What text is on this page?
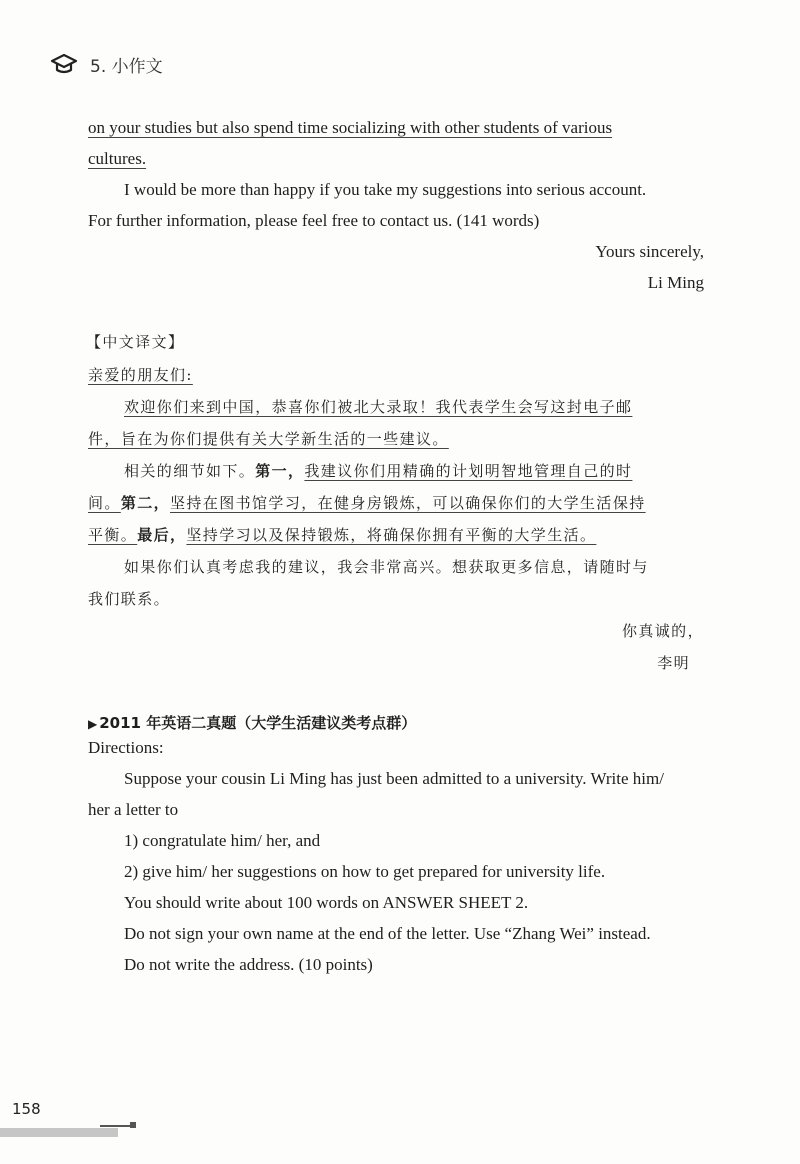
5. 小作文
on your studies but also spend time socializing with other students of various
cultures.
I would be more than happy if you take my suggestions into serious account.
For further information, please feel free to contact us. (141 words)
Yours sincerely,
Li Ming
【中文译文】
亲爱的朋友们:
欢迎你们来到中国，恭喜你们被北大录取！我代表学生会写这封电子邮
件，旨在为你们提供有关大学新生活的一些建议。
相关的细节如下。第一，我建议你们用精确的计划明智地管理自己的时
间。第二，坚持在图书馆学习，在健身房锻炼，可以确保你们的大学生活保持
平衡。最后，坚持学习以及保持锻炼，将确保你拥有平衡的大学生活。
如果你们认真考虑我的建议，我会非常高兴。想获取更多信息，请随时与
我们联系。
你真诚的，
李明
▶ 2011 年英语二真题（大学生活建议类考点群）
Directions:
Suppose your cousin Li Ming has just been admitted to a university. Write him/
her a letter to
1) congratulate him/ her, and
2) give him/ her suggestions on how to get prepared for university life.
You should write about 100 words on ANSWER SHEET 2.
Do not sign your own name at the end of the letter. Use “Zhang Wei” instead.
Do not write the address. (10 points)
158
